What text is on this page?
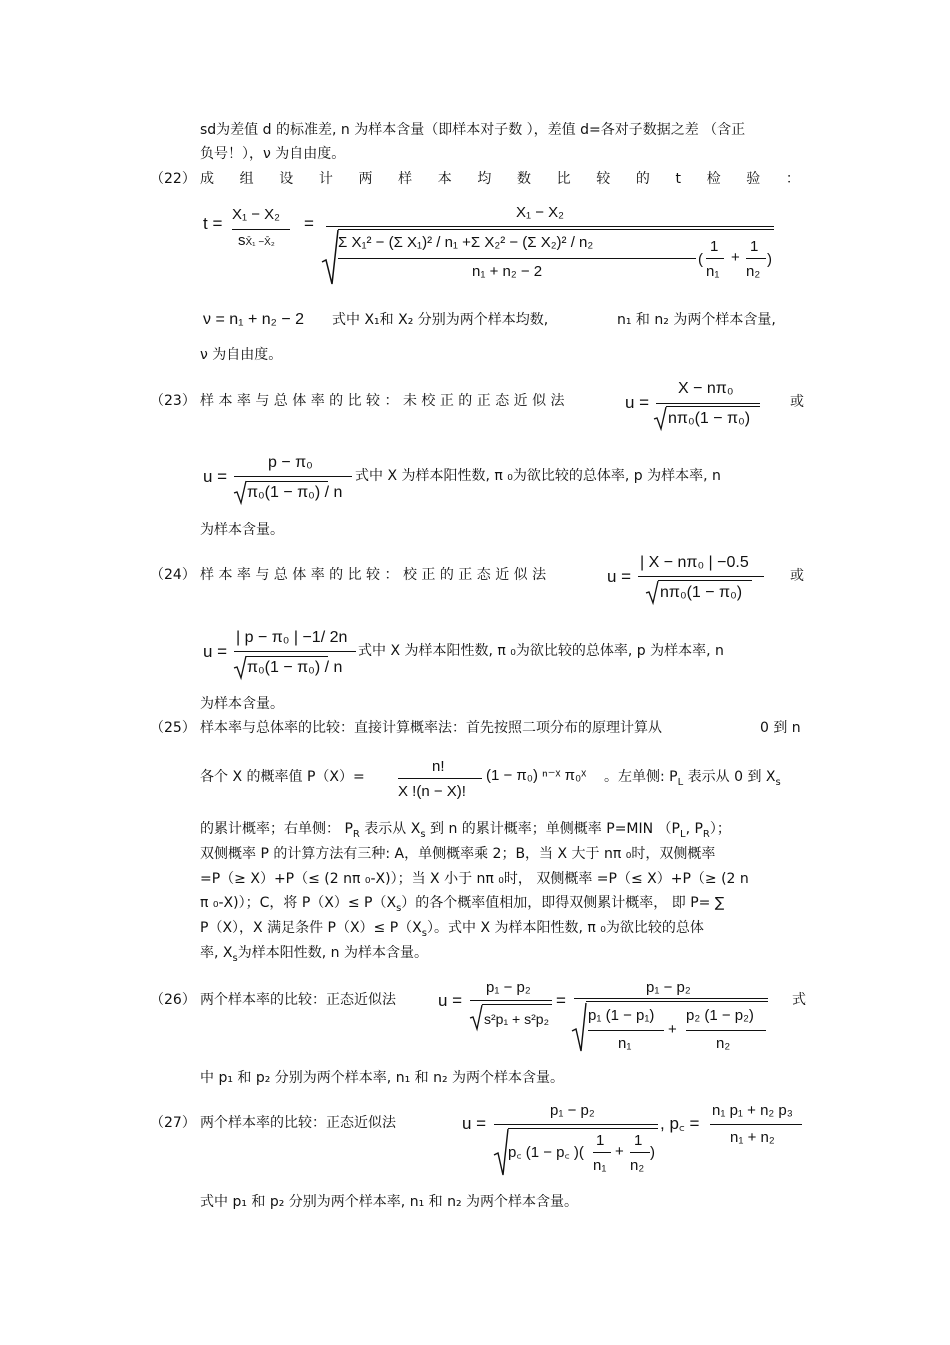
sd为差值 d 的标准差, n 为样本含量（即样本对子数 ），差值 d=各对子数据之差 （含正
负号！），ν 为自由度。
（22） 成 组 设 计 两 样 本 均 数 比 较 的 t 检 验 ：
t = X₁ − X₂
sX̄₁ −X̄₂
=
X₁ − X₂
Σ X₁² − (Σ X₁)² / n₁ +Σ X₂² − (Σ X₂)² / n₂
n₁ + n₂ − 2
(
1
n₁
+
1
n₂
)
ν = n₁ + n₂ − 2 式中 X₁和 X₂ 分别为两个样本均数,	n₁ 和 n₂ 为两个样本含量,
ν 为自由度。
（23） 样 本 率 与 总 体 率 的 比 较 ： 未 校 正 的 正 态 近 似 法	u =
X − nπ₀
nπ₀(1 − π₀)
或
u =
p − π₀
π₀(1 − π₀) / n
式中 X 为样本阳性数, π ₀为欲比较的总体率, p 为样本率, n
为样本含量。
（24） 样 本 率 与 总 体 率 的 比 较 ： 校 正 的 正 态 近 似 法	u =
| X − nπ₀ | −0.5
nπ₀(1 − π₀)
或
u =
| p − π₀ | −1/ 2n
π₀(1 − π₀) / n
式中 X 为样本阳性数, π ₀为欲比较的总体率, p 为样本率, n
为样本含量。
（25） 样本率与总体率的比较：直接计算概率法：首先按照二项分布的原理计算从	0 到 n
各个 X 的概率值 P（X）=
n!
X !(n − X)!
(1 − π₀) ⁿ⁻ˣ π₀ˣ 。左单侧: $P_L$ 表示从 0 到 $X_s$
的累计概率；右单侧： $P_R$ 表示从 $X_s$ 到 n 的累计概率；单侧概率 P=MIN （$P_L$, $P_R$）；
双侧概率 P 的计算方法有三种: A，单侧概率乘 2；B，当 X 大于 nπ ₀时，双侧概率
=P（≥ X）+P（≤ (2 nπ ₀-X)）；当 X 小于 nπ ₀时， 双侧概率 =P（≤ X）+P（≥ (2 n
π ₀-X)）；C，将 $P(X)\le P(X_s)$的各个概率值相加，即得双侧累计概率， 即 P= ∑
P（X），X 满足条件 $P(X)\le P(X_s)$。式中 X 为样本阳性数, π ₀为欲比较的总体
率, $X_s$为样本阳性数, n 为样本含量。
（26） 两个样本率的比较：正态近似法 u =
p₁ − p₂
s²p₁ + s²p₂
=
p₁ − p₂
p₁ (1 − p₁)
n₁
+
p₂ (1 − p₂)
n₂
式
中 p₁ 和 p₂ 分别为两个样本率, n₁ 和 n₂ 为两个样本含量。
（27） 两个样本率的比较：正态近似法	u =
p₁ − p₂
p꜀ (1 − p꜀ )(
1
n₁
+
1
n₂
)
, p꜀ =
n₁ p₁ + n₂ p₃
n₁ + n₂
式中 p₁ 和 p₂ 分别为两个样本率, n₁ 和 n₂ 为两个样本含量。
